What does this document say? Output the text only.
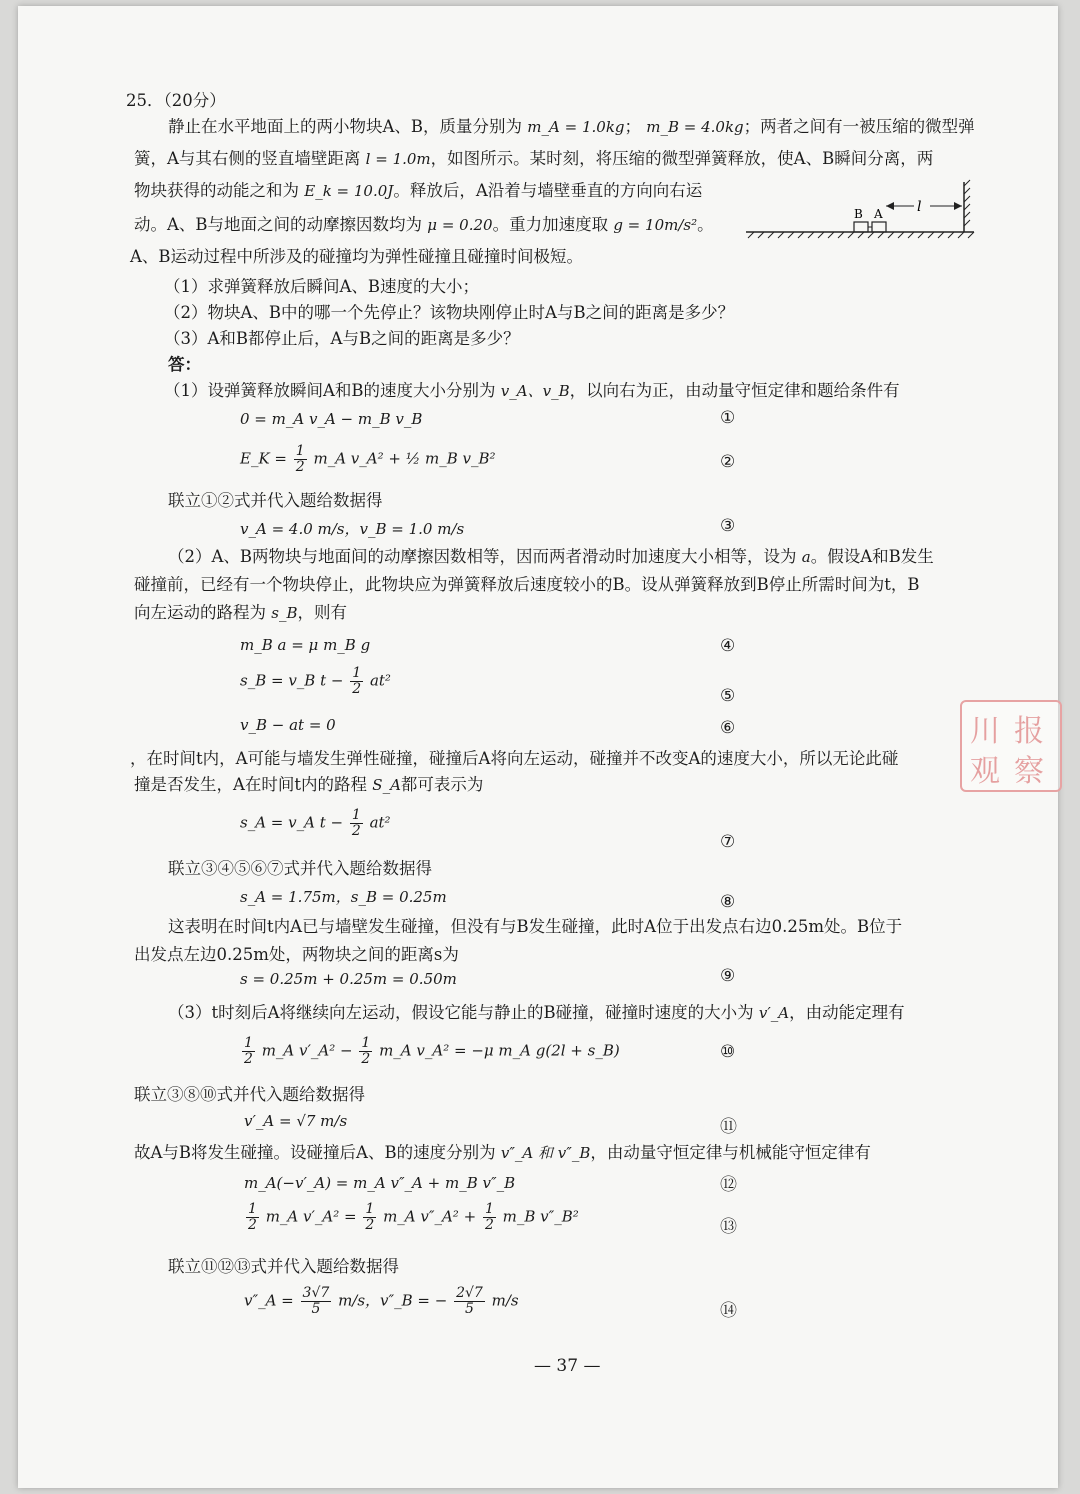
25．（20分）
静止在水平地面上的两小物块A、B，质量分别为 m_A = 1.0kg； m_B = 4.0kg；两者之间有一被压缩的微型弹
簧，A与其右侧的竖直墙壁距离 l = 1.0m，如图所示。某时刻，将压缩的微型弹簧释放，使A、B瞬间分离，两
物块获得的动能之和为 E_k = 10.0J。释放后，A沿着与墙壁垂直的方向向右运
动。A、B与地面之间的动摩擦因数均为 μ = 0.20。重力加速度取 g = 10m/s²。
A、B运动过程中所涉及的碰撞均为弹性碰撞且碰撞时间极短。
（1）求弹簧释放后瞬间A、B速度的大小；
（2）物块A、B中的哪一个先停止？该物块刚停止时A与B之间的距离是多少？
（3）A和B都停止后，A与B之间的距离是多少？
答：
B A l
（1）设弹簧释放瞬间A和B的速度大小分别为 v_A、v_B，以向右为正，由动量守恒定律和题给条件有
0 = m_A v_A − m_B v_B	①
E_K = $\frac{1}{2}$ m_A v_A² + ½ m_B v_B²	②
联立①②式并代入题给数据得
v_A = 4.0 m/s，v_B = 1.0 m/s	③
（2）A、B两物块与地面间的动摩擦因数相等，因而两者滑动时加速度大小相等，设为 a。假设A和B发生
碰撞前，已经有一个物块停止，此物块应为弹簧释放后速度较小的B。设从弹簧释放到B停止所需时间为t，B
向左运动的路程为 s_B，则有
m_B a = μ m_B g	④
s_B = v_B $t - \frac{1}{2} at^2$
⑤
v_B − at = 0	⑥
，在时间t内，A可能与墙发生弹性碰撞，碰撞后A将向左运动，碰撞并不改变A的速度大小，所以无论此碰
撞是否发生，A在时间t内的路程 S_A都可表示为
s_A = v_A $t - \frac{1}{2} at^2$
⑦
联立③④⑤⑥⑦式并代入题给数据得
s_A = 1.75m，s_B = 0.25m	⑧
这表明在时间t内A已与墙壁发生碰撞，但没有与B发生碰撞，此时A位于出发点右边0.25m处。B位于
出发点左边0.25m处，两物块之间的距离s为
s = 0.25m + 0.25m = 0.50m	⑨
（3）t时刻后A将继续向左运动，假设它能与静止的B碰撞，碰撞时速度的大小为 v′_A，由动能定理有
$\frac{1}{2}$ m_A v′_A² − $\frac{1}{2}$ m_A v_A² = −μ m_A g(2l + s_B)	⑩
联立③⑧⑩式并代入题给数据得
v′_A = √7 m/s	⑪
故A与B将发生碰撞。设碰撞后A、B的速度分别为 v″_A 和 v″_B，由动量守恒定律与机械能守恒定律有
m_A(−v′_A) = m_A v″_A + m_B v″_B	⑫
$\frac{1}{2}$ m_A v′_A² = $\frac{1}{2}$ m_A v″_A² + $\frac{1}{2}$ m_B v″_B²
⑬
联立⑪⑫⑬式并代入题给数据得
v″_A = $\frac{3√7}{5} m/s$，v″_B = − $\frac{2√7}{5} m/s$
⑭
— 37 —
川 报
观 察
